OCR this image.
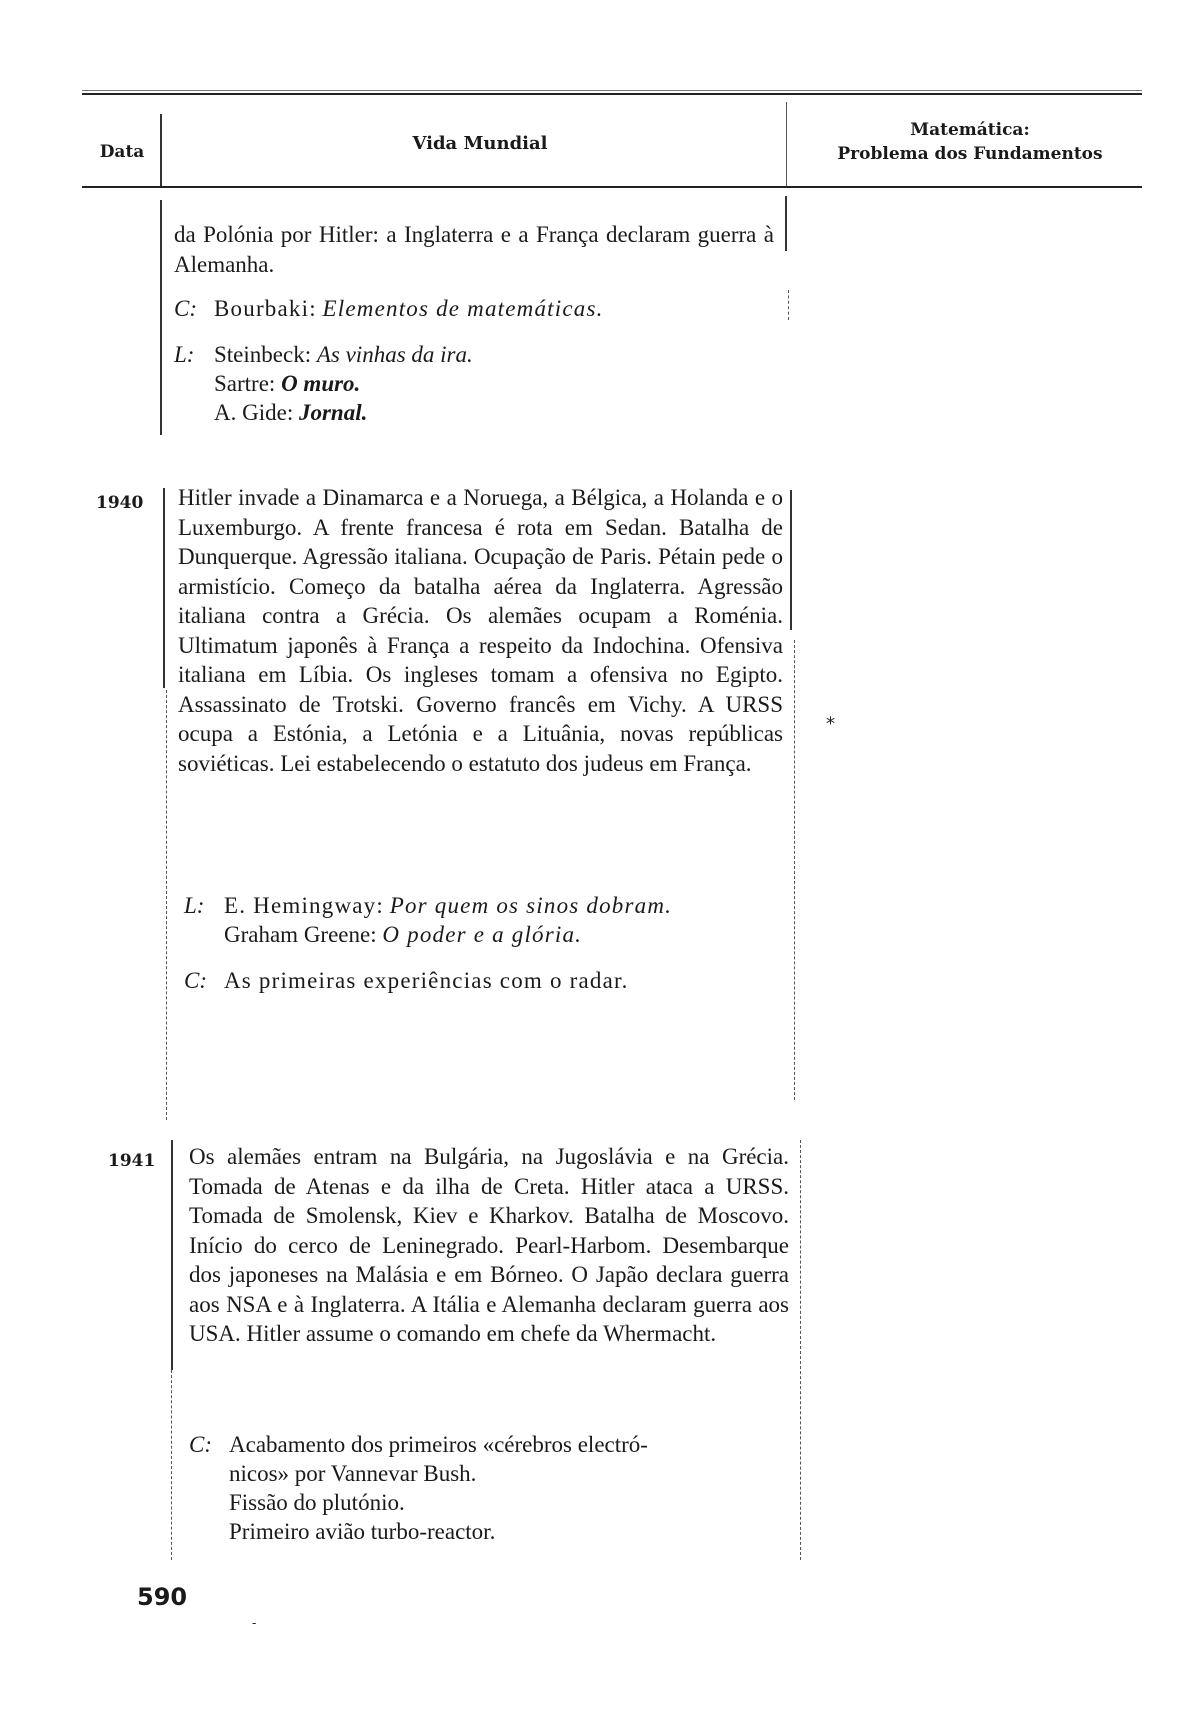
Data	Vida Mundial
Matemática:
Problema dos Fundamentos

da Polónia por Hitler: a Inglaterra e a França declaram guerra à Alemanha.

C: Bourbaki: Elementos de matemáticas.
L: Steinbeck: As vinhas da ira.
Sartre: O muro.
A. Gide: Jornal.
1940 Hitler invade a Dinamarca e a Noruega, a Bélgica, a Holanda e o Luxemburgo. A frente francesa é rota em Sedan. Batalha de Dunquerque. Agressão italiana. Ocupação de Paris. Pétain pede o armistício. Começo da batalha aérea da Inglaterra. Agressão italiana contra a Grécia. Os alemães ocupam a Roménia. Ultimatum japonês à França a respeito da Indochina. Ofensiva italiana em Líbia. Os ingleses tomam a ofensiva no Egipto. Assassinato de Trotski. Governo francês em Vichy. A URSS ocupa a Estónia, a Letónia e a Lituânia, novas repúblicas soviéticas. Lei estabelecendo o estatuto dos judeus em França.

L: E. Hemingway: Por quem os sinos dobram.
Graham Greene: O poder e a glória.
C: As primeiras experiências com o radar.
1941 Os alemães entram na Bulgária, na Jugoslávia e na Grécia. Tomada de Atenas e da ilha de Creta. Hitler ataca a URSS. Tomada de Smolensk, Kiev e Kharkov. Batalha de Moscovo. Início do cerco de Leninegrado. Pearl-Harbom. Desembarque dos japoneses na Malásia e em Bórneo. O Japão declara guerra aos NSA e à Inglaterra. A Itália e Alemanha declaram guerra aos USA. Hitler assume o comando em chefe da Whermacht.

C: Acabamento dos primeiros «cérebros electró-
nicos» por Vannevar Bush.
Fissão do plutónio.
Primeiro avião turbo-reactor.
⁎
-
590
